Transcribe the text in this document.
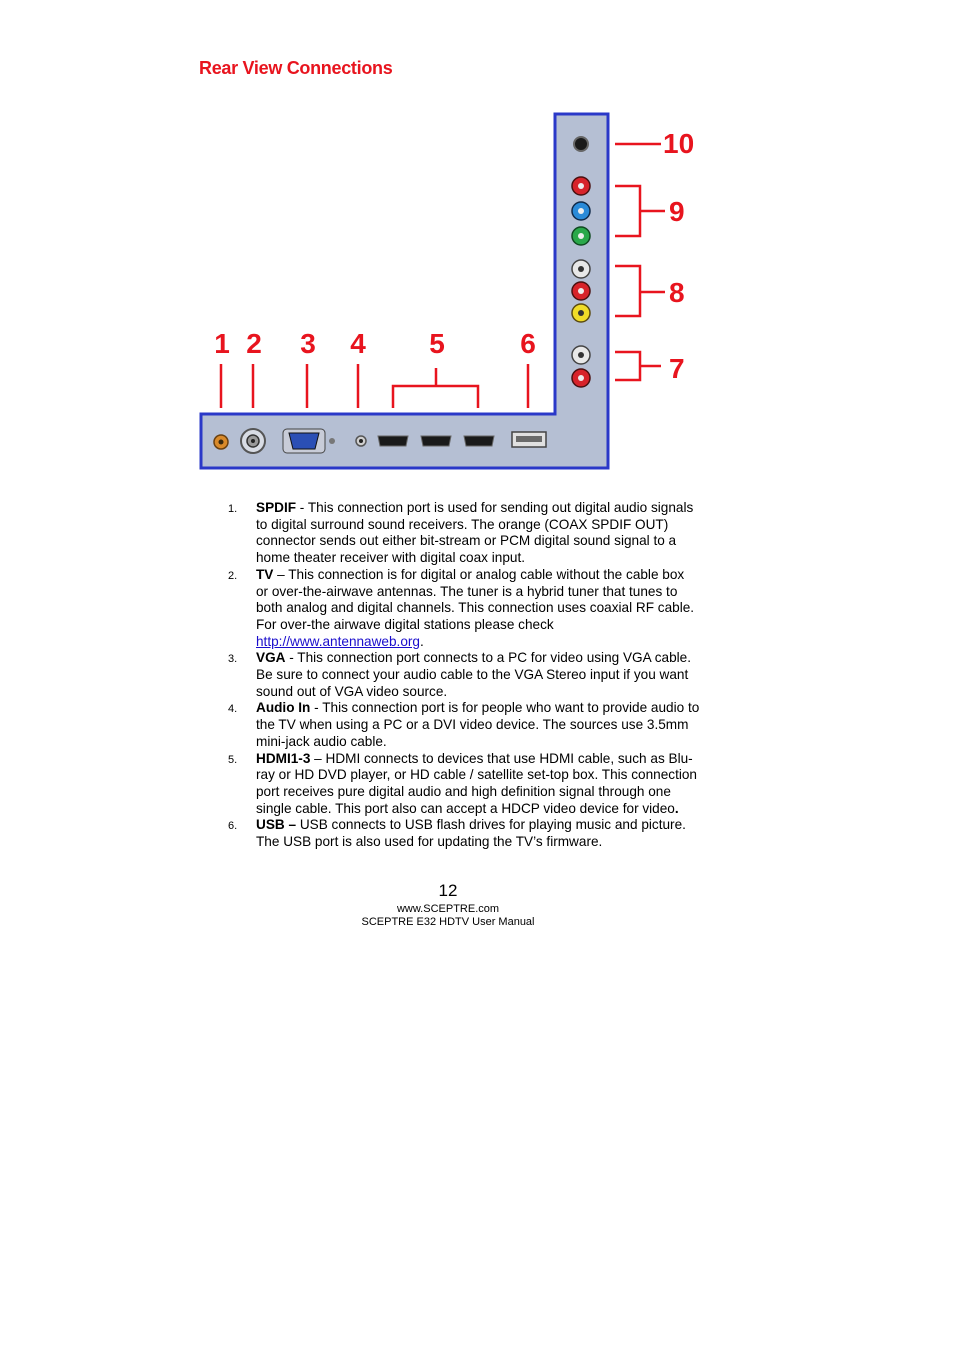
Rear View Connections
1 2 3 4 5	6
7
8
9
10
1. SPDIF - This connection port is used for sending out digital audio signals to digital surround sound receivers. The orange (COAX SPDIF OUT) connector sends out either bit-stream or PCM digital sound signal to a home theater receiver with digital coax input.
2. TV – This connection is for digital or analog cable without the cable box or over-the-airwave antennas. The tuner is a hybrid tuner that tunes to both analog and digital channels. This connection uses coaxial RF cable. For over-the airwave digital stations please check http://www.antennaweb.org.
3. VGA - This connection port connects to a PC for video using VGA cable. Be sure to connect your audio cable to the VGA Stereo input if you want sound out of VGA video source.
4. Audio In - This connection port is for people who want to provide audio to the TV when using a PC or a DVI video device. The sources use 3.5mm mini-jack audio cable.
5. HDMI1-3 – HDMI connects to devices that use HDMI cable, such as Blu-ray or HD DVD player, or HD cable / satellite set-top box. This connection port receives pure digital audio and high definition signal through one single cable. This port also can accept a HDCP video device for video.
6. USB – USB connects to USB flash drives for playing music and picture. The USB port is also used for updating the TV’s firmware.
12
www.SCEPTRE.com
SCEPTRE E32 HDTV User Manual
